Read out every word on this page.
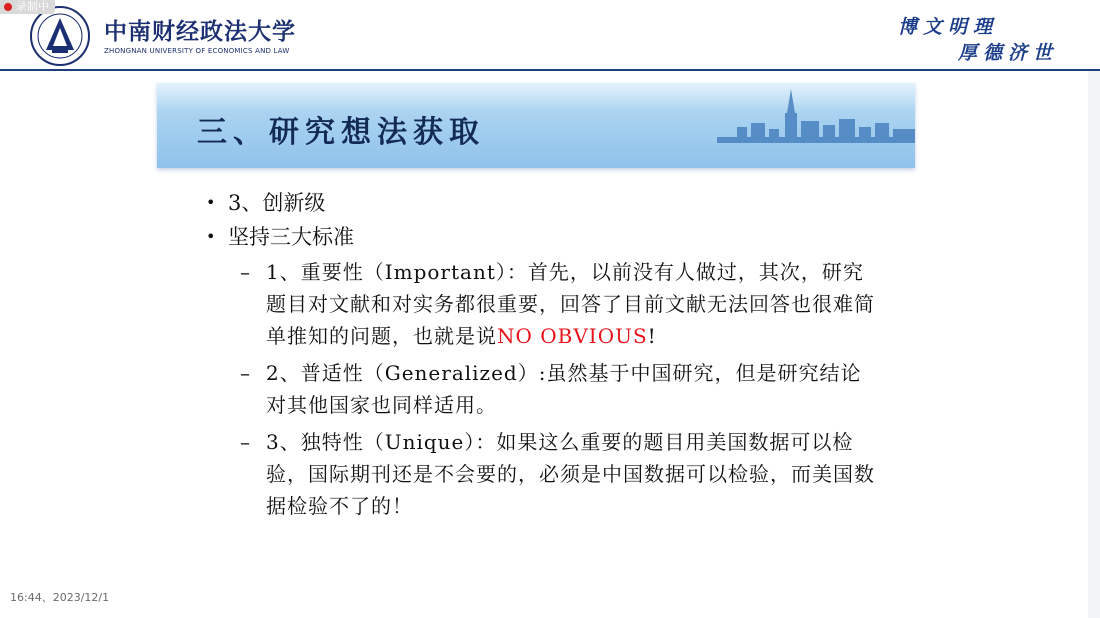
中南财经政法大学
ZHONGNAN UNIVERSITY OF ECONOMICS AND LAW
博文明理
厚德济世
录制中
三、研究想法获取
• 3、创新级
• 坚持三大标准
– 1、重要性（Important）：首先，以前没有人做过，其次，研究题目对文献和对实务都很重要，回答了目前文献无法回答也很难简单推知的问题，也就是说NO OBVIOUS!
– 2、普适性（Generalized）:虽然基于中国研究，但是研究结论对其他国家也同样适用。
– 3、独特性（Unique）：如果这么重要的题目用美国数据可以检验，国际期刊还是不会要的，必须是中国数据可以检验，而美国数据检验不了的！
16:44、2023/12/1
